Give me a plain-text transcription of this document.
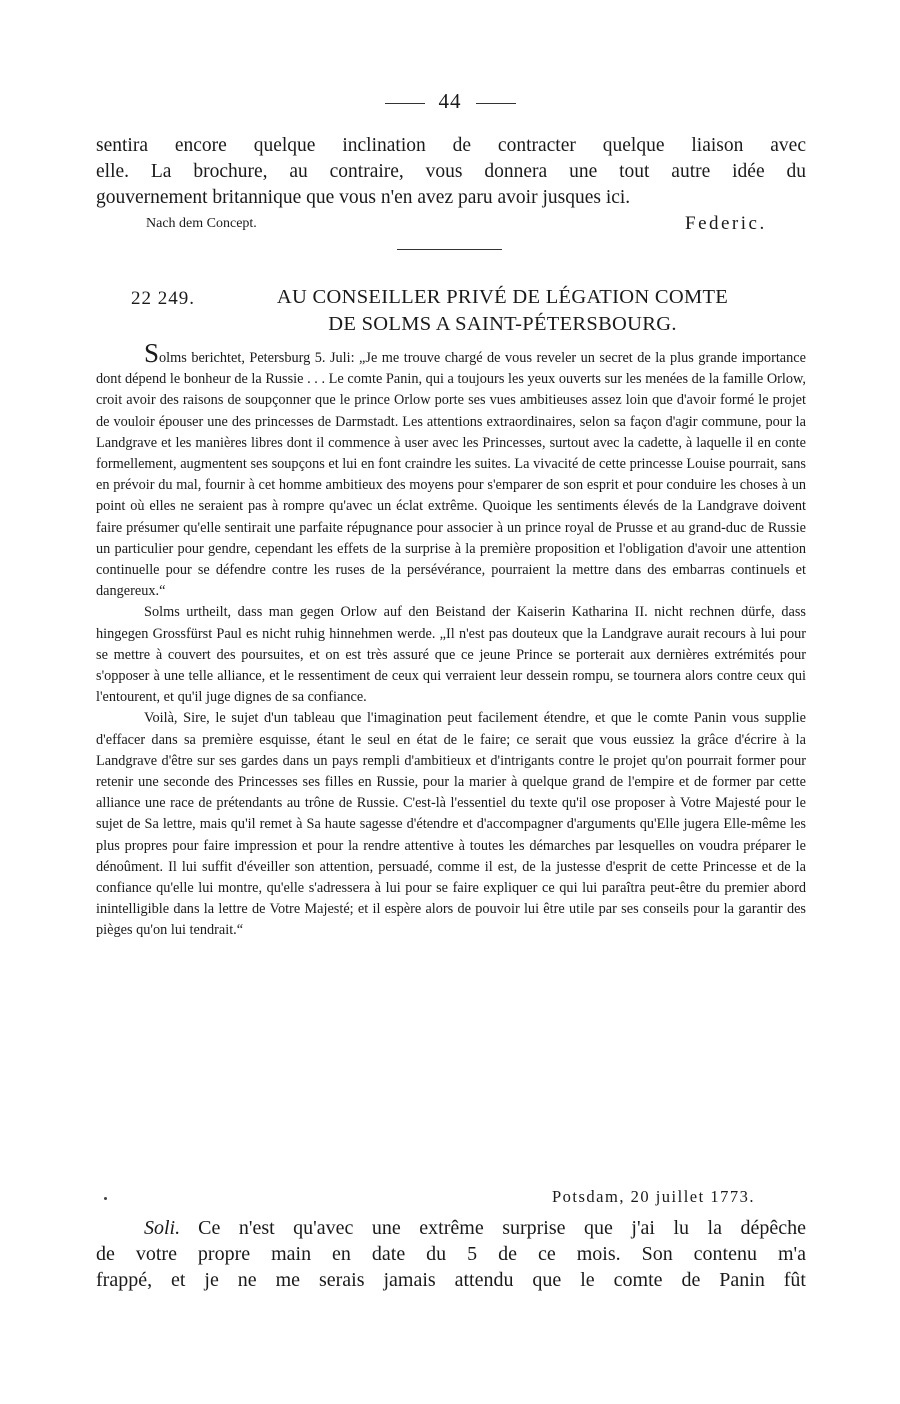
44
sentira encore quelque inclination de contracter quelque liaison avec
elle. La brochure, au contraire, vous donnera une tout autre idée du
gouvernement britannique que vous n'en avez paru avoir jusques ici.
Nach dem Concept.	Federic.
22 249.	AU CONSEILLER PRIVÉ DE LÉGATION COMTE
DE SOLMS A SAINT-PÉTERSBOURG.

Solms berichtet, Petersburg 5. Juli: „Je me trouve chargé de vous reveler un secret de la plus grande importance dont dépend le bonheur de la Russie . . . Le comte Panin, qui a toujours les yeux ouverts sur les menées de la famille Orlow, croit avoir des raisons de soupçonner que le prince Orlow porte ses vues ambitieuses assez loin que d'avoir formé le projet de vouloir épouser une des princesses de Darmstadt. Les attentions extraordinaires, selon sa façon d'agir commune, pour la Landgrave et les manières libres dont il commence à user avec les Princesses, surtout avec la cadette, à laquelle il en conte formellement, augmentent ses soupçons et lui en font craindre les suites. La vivacité de cette princesse Louise pourrait, sans en prévoir du mal, fournir à cet homme ambitieux des moyens pour s'emparer de son esprit et pour conduire les choses à un point où elles ne seraient pas à rompre qu'avec un éclat extrême. Quoique les sentiments élevés de la Landgrave doivent faire présumer qu'elle sentirait une parfaite répugnance pour associer à un prince royal de Prusse et au grand-duc de Russie un particulier pour gendre, cependant les effets de la surprise à la première proposition et l'obligation d'avoir une attention continuelle pour se défendre contre les ruses de la persévérance, pourraient la mettre dans des embarras continuels et dangereux.“

Solms urtheilt, dass man gegen Orlow auf den Beistand der Kaiserin Katharina II. nicht rechnen dürfe, dass hingegen Grossfürst Paul es nicht ruhig hinnehmen werde. „Il n'est pas douteux que la Landgrave aurait recours à lui pour se mettre à couvert des poursuites, et on est très assuré que ce jeune Prince se porterait aux dernières extrémités pour s'opposer à une telle alliance, et le ressentiment de ceux qui verraient leur dessein rompu, se tournera alors contre ceux qui l'entourent, et qu'il juge dignes de sa confiance.

Voilà, Sire, le sujet d'un tableau que l'imagination peut facilement étendre, et que le comte Panin vous supplie d'effacer dans sa première esquisse, étant le seul en état de le faire; ce serait que vous eussiez la grâce d'écrire à la Landgrave d'être sur ses gardes dans un pays rempli d'ambitieux et d'intrigants contre le projet qu'on pourrait former pour retenir une seconde des Princesses ses filles en Russie, pour la marier à quelque grand de l'empire et de former par cette alliance une race de prétendants au trône de Russie. C'est-là l'essentiel du texte qu'il ose proposer à Votre Majesté pour le sujet de Sa lettre, mais qu'il remet à Sa haute sagesse d'étendre et d'accompagner d'arguments qu'Elle jugera Elle-même les plus propres pour faire impression et pour la rendre attentive à toutes les démarches par lesquelles on voudra préparer le dénoûment. Il lui suffit d'éveiller son attention, persuadé, comme il est, de la justesse d'esprit de cette Princesse et de la confiance qu'elle lui montre, qu'elle s'adressera à lui pour se faire expliquer ce qui lui paraîtra peut-être du premier abord inintelligible dans la lettre de Votre Majesté; et il espère alors de pouvoir lui être utile par ses conseils pour la garantir des pièges qu'on lui tendrait.“

Potsdam, 20 juillet 1773.
Soli. Ce n'est qu'avec une extrême surprise que j'ai lu la dépêche
de votre propre main en date du 5 de ce mois. Son contenu m'a
frappé, et je ne me serais jamais attendu que le comte de Panin fût
